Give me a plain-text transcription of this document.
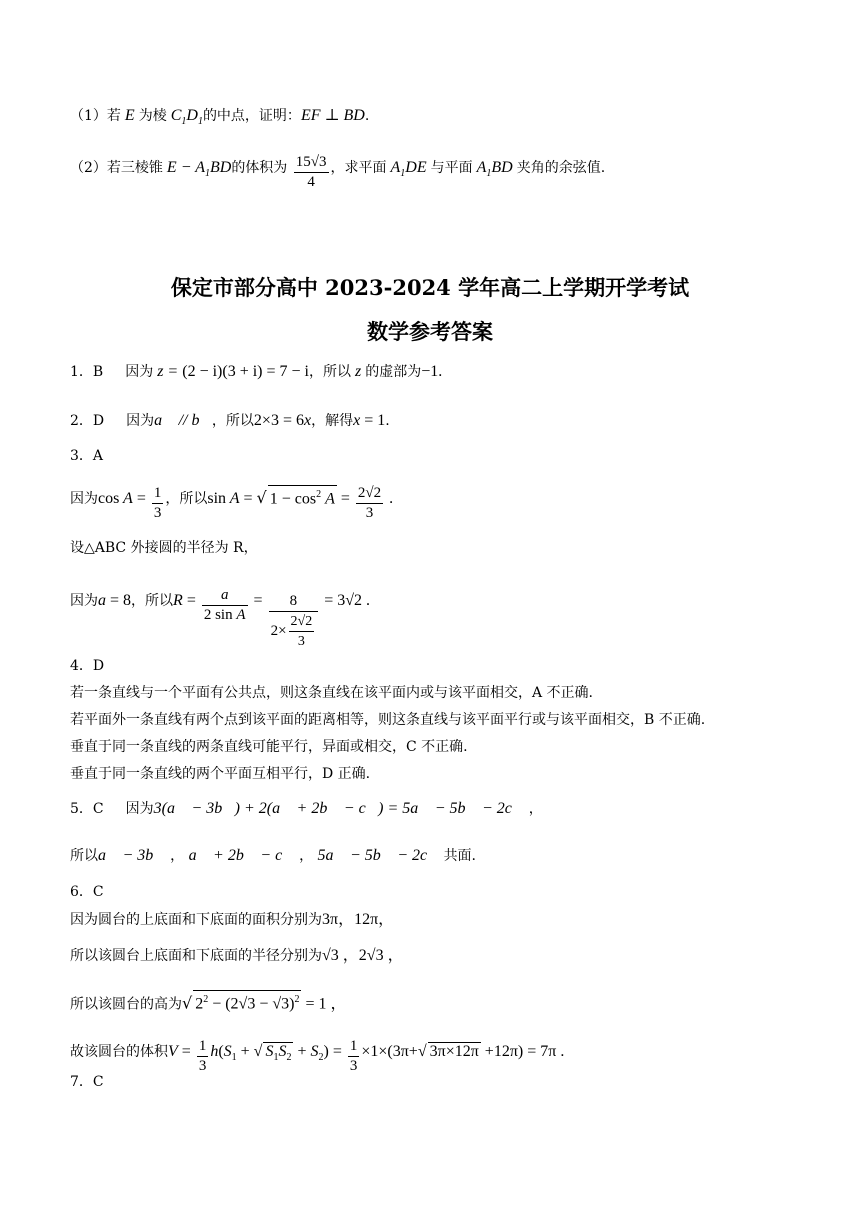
（1）若 E 为棱 $C_1D_1$的中点，证明：EF ⊥ BD.
（2）若三棱锥 $E - A_1BD$的体积为 $\frac{15√3}{4}$ ，求平面 $A_1DE$ 与平面 $A_1BD$ 夹角的余弦值.
保定市部分高中 2023-2024 学年高二上学期开学考试
数学参考答案
1．B 因为 z = (2 − i)(3 + i) = 7 − i，所以 z 的虚部为−1.
2．D 因为a⃗ // b⃗，所以2×3 = 6x，解得x = 1.
3．A
因为$\cos A = \frac{1}{3}$ ，所以sin A = √ $1 - \cos^2 A = \frac{2√2}{3}$ .
设△ABC 外接圆的半径为 R，
因为a = 8，所以$R = \frac{a}{\text{2 sin A}} = \frac{8}{2\times \frac{2√2}{3}} = 3√2$ .
4．D
若一条直线与一个平面有公共点，则这条直线在该平面内或与该平面相交，A 不正确.
若平面外一条直线有两个点到该平面的距离相等，则这条直线与该平面平行或与该平面相交，B 不正确.
垂直于同一条直线的两条直线可能平行，异面或相交，C 不正确.
垂直于同一条直线的两个平面互相平行，D 正确.
5．C 因为3(a⃗ − 3b⃗) + 2(a⃗ + 2b⃗ − c⃗) = 5a⃗ − 5b⃗ − 2c⃗ ，
所以a⃗ − 3b⃗ ， a⃗ + 2b⃗ − c⃗ ， 5a⃗ − 5b⃗ − 2c⃗ 共面.
6．C
因为圆台的上底面和下底面的面积分别为3π，12π，
所以该圆台上底面和下底面的半径分别为√3 ，2√3 ，
所以该圆台的高为√ $2^2 - (2√3 - √3)^2 = 1$ ，
故该圆台的体积$V = \frac{1}{3} h(S_1$ + √ $S_1S_2 + S_2) = \frac{1}{3} \times 1\times(3\pi+√$ 3π×12π +12π) = 7π .
7．C
